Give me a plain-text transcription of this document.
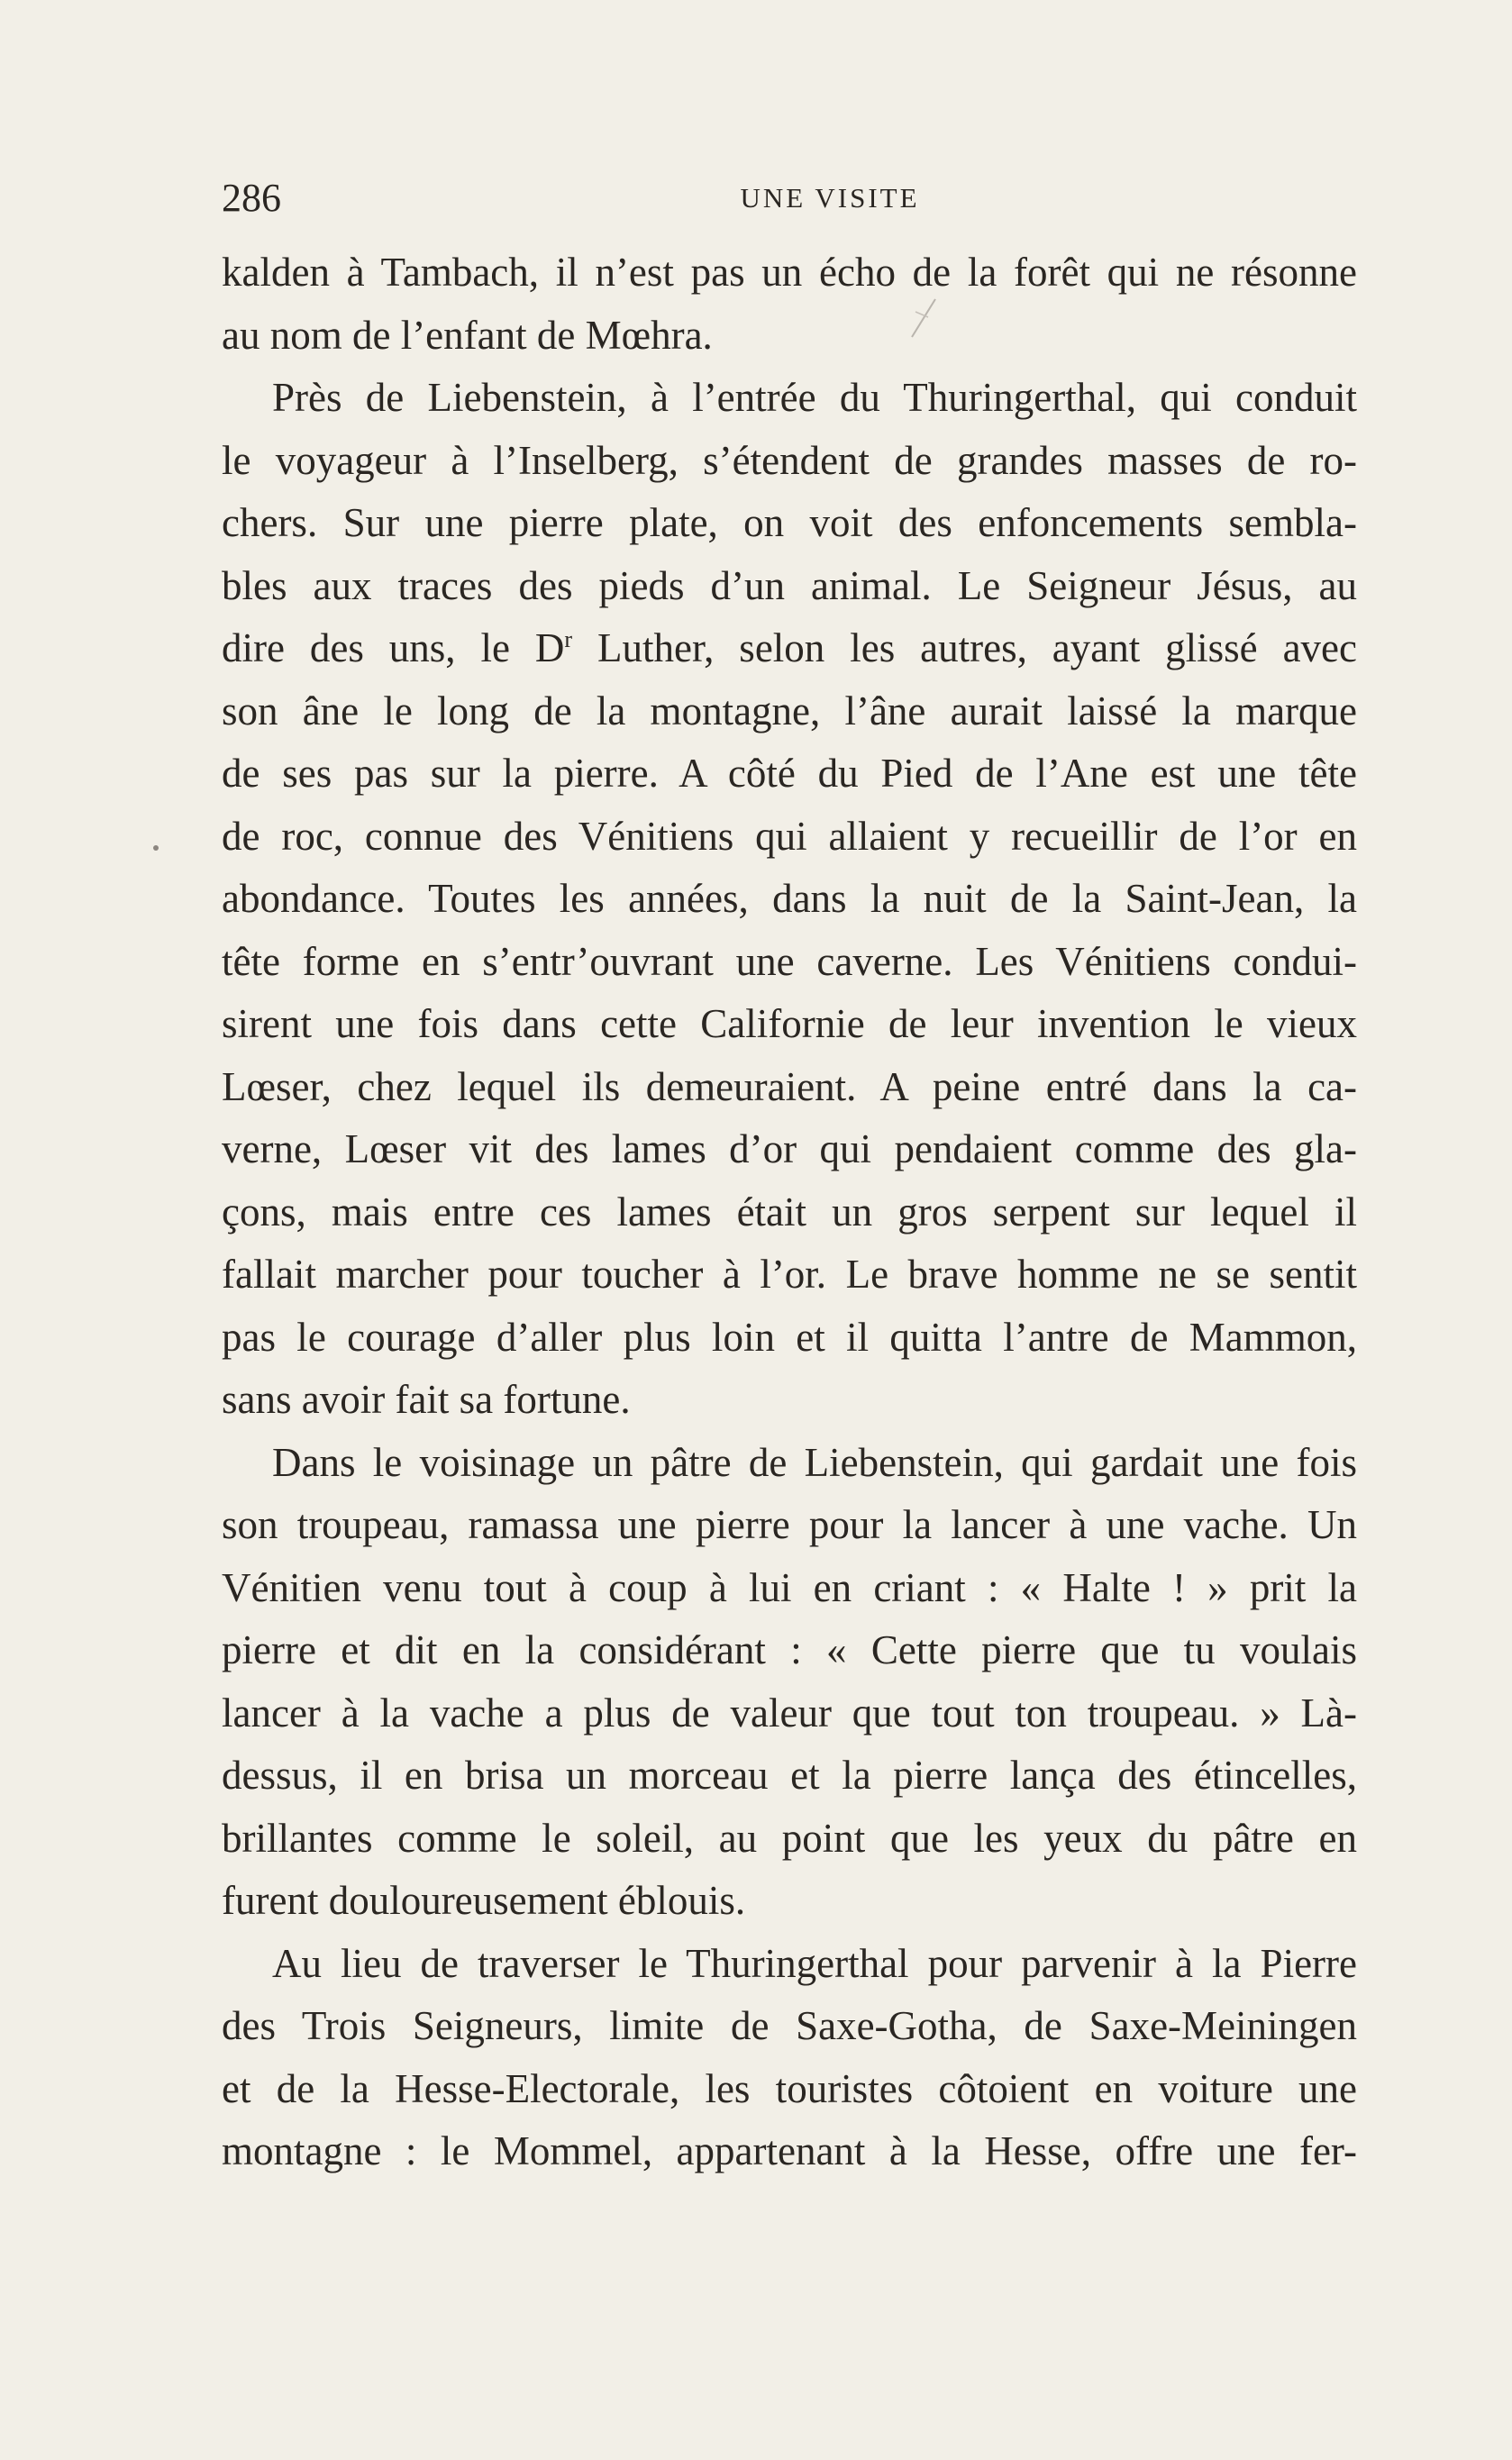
286	UNE VISITE
kalden à Tambach, il n’est pas un écho de la forêt qui ne résonne
au nom de l’enfant de Mœhra.
Près de Liebenstein, à l’entrée du Thuringerthal, qui conduit
le voyageur à l’Inselberg, s’étendent de grandes masses de ro-
chers. Sur une pierre plate, on voit des enfoncements sembla-
bles aux traces des pieds d’un animal. Le Seigneur Jésus, au
dire des uns, le $D^r$ Luther, selon les autres, ayant glissé avec
son âne le long de la montagne, l’âne aurait laissé la marque
de ses pas sur la pierre. A côté du Pied de l’Ane est une tête
de roc, connue des Vénitiens qui allaient y recueillir de l’or en
abondance. Toutes les années, dans la nuit de la Saint-Jean, la
tête forme en s’entr’ouvrant une caverne. Les Vénitiens condui-
sirent une fois dans cette Californie de leur invention le vieux
Lœser, chez lequel ils demeuraient. A peine entré dans la ca-
verne, Lœser vit des lames d’or qui pendaient comme des gla-
çons, mais entre ces lames était un gros serpent sur lequel il
fallait marcher pour toucher à l’or. Le brave homme ne se sentit
pas le courage d’aller plus loin et il quitta l’antre de Mammon,
sans avoir fait sa fortune.
Dans le voisinage un pâtre de Liebenstein, qui gardait une fois
son troupeau, ramassa une pierre pour la lancer à une vache. Un
Vénitien venu tout à coup à lui en criant : « Halte ! » prit la
pierre et dit en la considérant : « Cette pierre que tu voulais
lancer à la vache a plus de valeur que tout ton troupeau. » Là-
dessus, il en brisa un morceau et la pierre lança des étincelles,
brillantes comme le soleil, au point que les yeux du pâtre en
furent douloureusement éblouis.
Au lieu de traverser le Thuringerthal pour parvenir à la Pierre
des Trois Seigneurs, limite de Saxe-Gotha, de Saxe-Meiningen
et de la Hesse-Electorale, les touristes côtoient en voiture une
montagne : le Mommel, appartenant à la Hesse, offre une fer-
